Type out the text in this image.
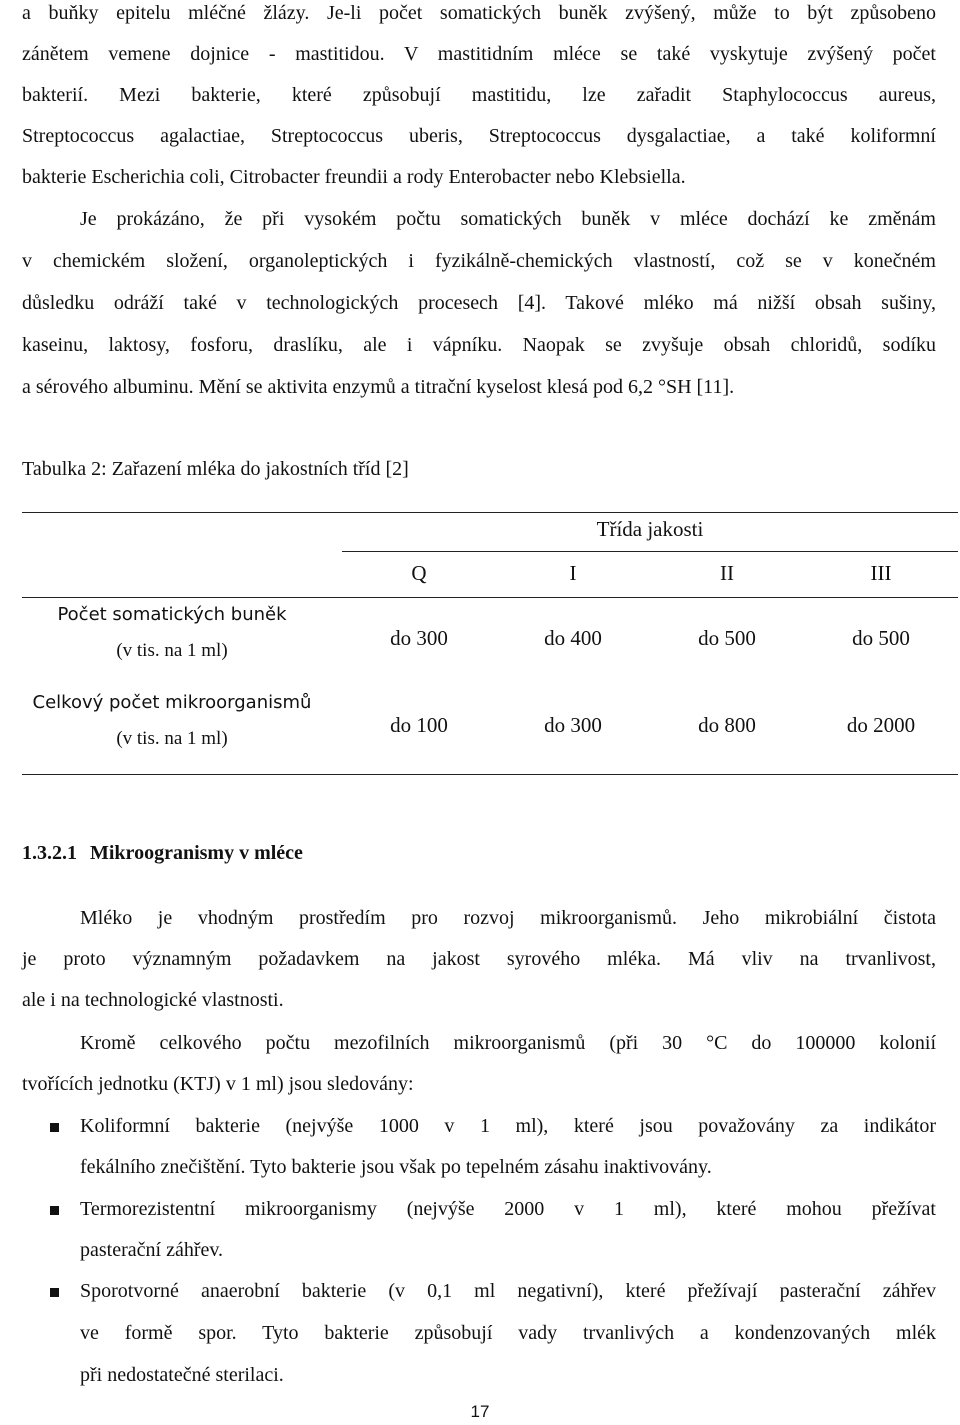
a buňky epitelu mléčné žlázy. Je-li počet somatických buněk zvýšený, může to být způsobeno
zánětem vemene dojnice - mastitidou. V mastitidním mléce se také vyskytuje zvýšený počet
bakterií. Mezi bakterie, které způsobují mastitidu, lze zařadit Staphylococcus aureus,
Streptococcus agalactiae, Streptococcus uberis, Streptococcus dysgalactiae, a také koliformní
bakterie Escherichia coli, Citrobacter freundii a rody Enterobacter nebo Klebsiella.
Je prokázáno, že při vysokém počtu somatických buněk v mléce dochází ke změnám
v chemickém složení, organoleptických i fyzikálně-chemických vlastností, což se v konečném
důsledku odráží také v technologických procesech [4]. Takové mléko má nižší obsah sušiny,
kaseinu, laktosy, fosforu, draslíku, ale i vápníku. Naopak se zvyšuje obsah chloridů, sodíku
a sérového albuminu. Mění se aktivita enzymů a titrační kyselost klesá pod 6,2 °SH [11].
Tabulka 2: Zařazení mléka do jakostních tříd [2]
Třída jakosti
Q	I	II	III
Počet somatických buněk
(v tis. na 1 ml)
do 300	do 400	do 500	do 500
Celkový počet mikroorganismů
(v tis. na 1 ml)
do 100	do 300	do 800	do 2000
1.3.2.1 Mikroogranismy v mléce
Mléko je vhodným prostředím pro rozvoj mikroorganismů. Jeho mikrobiální čistota
je proto významným požadavkem na jakost syrového mléka. Má vliv na trvanlivost,
ale i na technologické vlastnosti.
Kromě celkového počtu mezofilních mikroorganismů (při 30 °C do 100000 kolonií
tvořících jednotku (KTJ) v 1 ml) jsou sledovány:
Koliformní bakterie (nejvýše 1000 v 1 ml), které jsou považovány za indikátor
fekálního znečištění. Tyto bakterie jsou však po tepelném zásahu inaktivovány.
Termorezistentní mikroorganismy (nejvýše 2000 v 1 ml), které mohou přežívat
pasterační záhřev.
Sporotvorné anaerobní bakterie (v 0,1 ml negativní), které přežívají pasterační záhřev
ve formě spor. Tyto bakterie způsobují vady trvanlivých a kondenzovaných mlék
při nedostatečné sterilaci.
17
